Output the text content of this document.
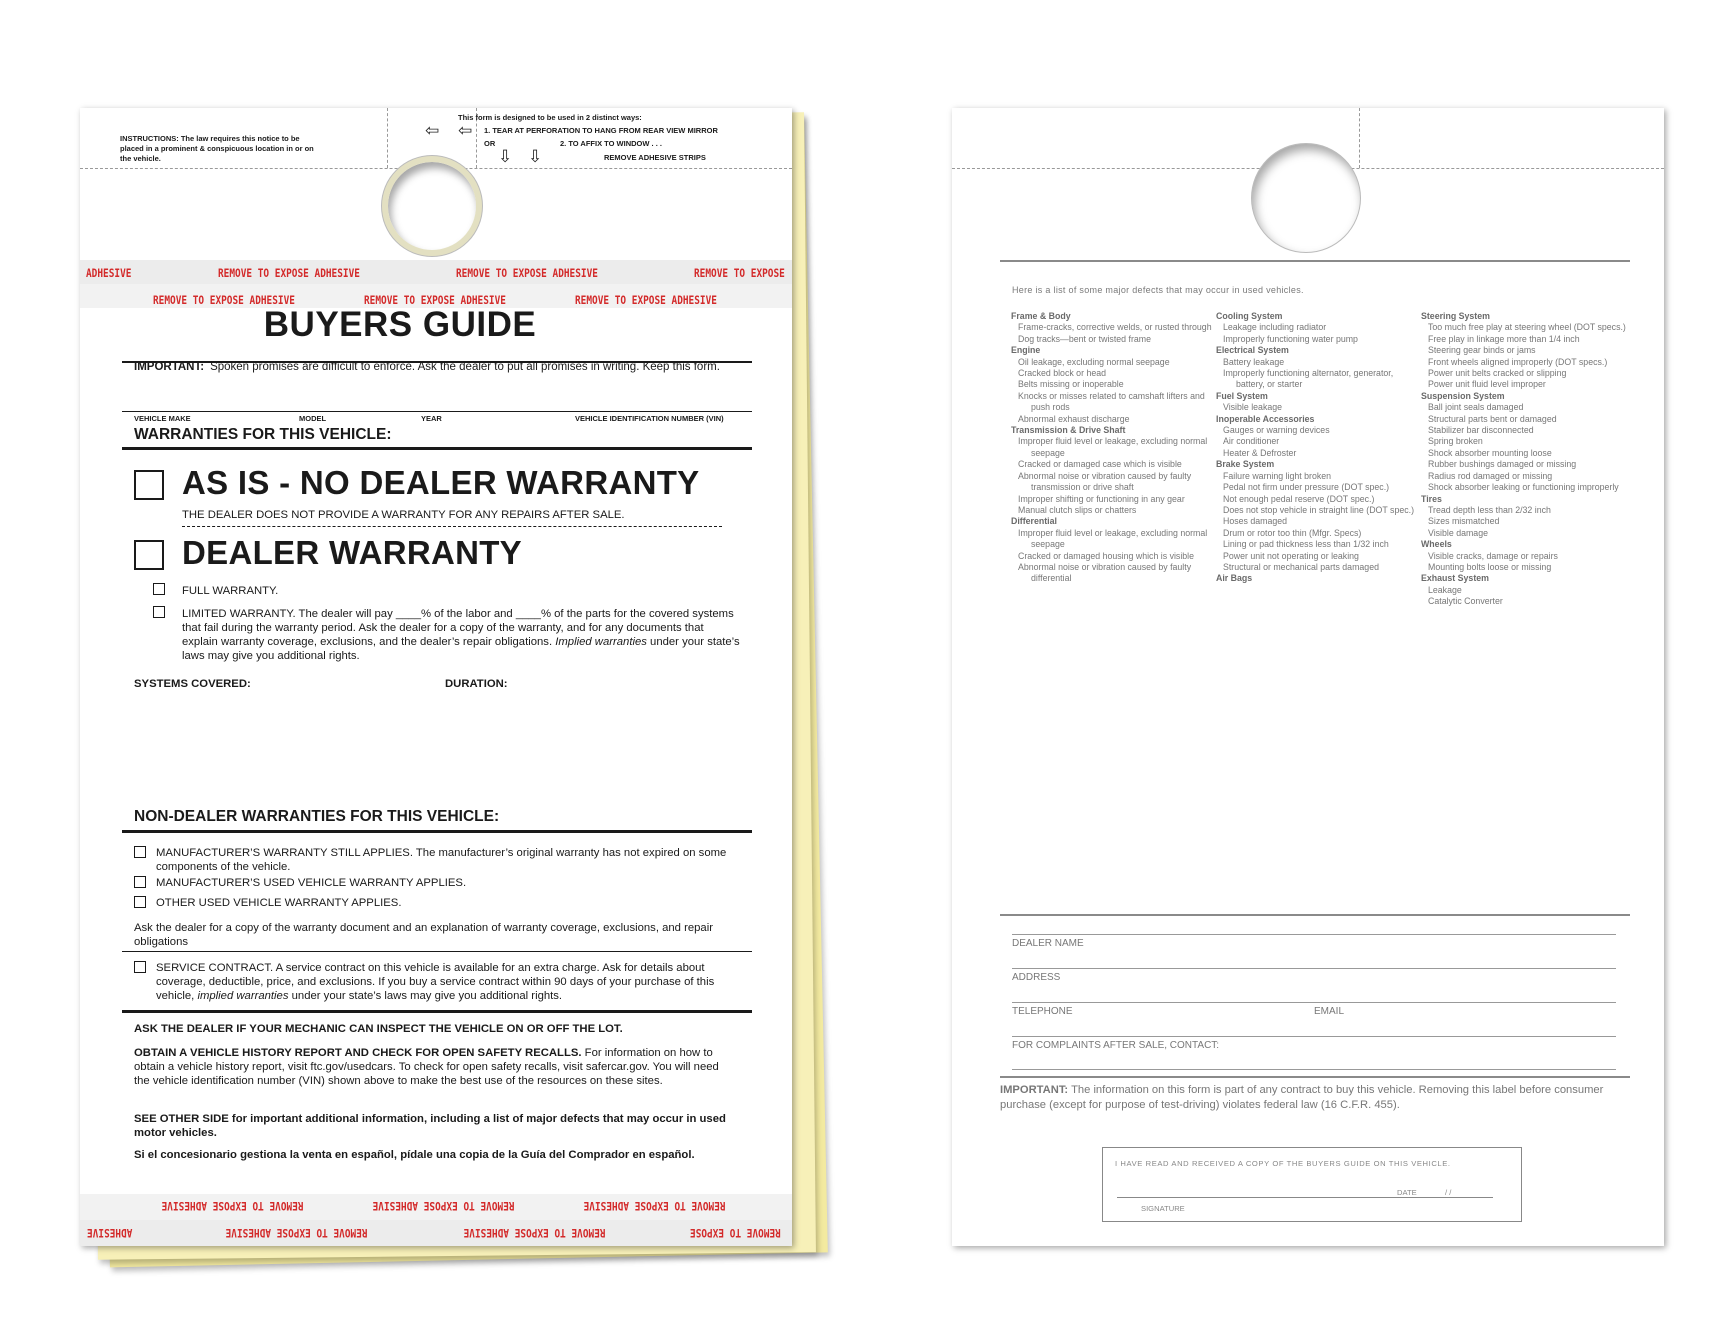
INSTRUCTIONS: The law requires this notice to be placed in a prominent & conspicuous location in or on the vehicle.
This form is designed to be used in 2 distinct ways:
1. TEAR AT PERFORATION TO HANG FROM REAR VIEW MIRROR
OR	2. TO AFFIX TO WINDOW . . .
REMOVE ADHESIVE STRIPS
⇦ ⇦
⇩ ⇩
ADHESIVE	REMOVE TO EXPOSE ADHESIVE	REMOVE TO EXPOSE ADHESIVE	REMOVE TO EXPOSE
REMOVE TO EXPOSE ADHESIVE	REMOVE TO EXPOSE ADHESIVE	REMOVE TO EXPOSE ADHESIVE
BUYERS GUIDE
IMPORTANT: Spoken promises are difficult to enforce. Ask the dealer to put all promises in writing. Keep this form.
VEHICLE MAKE	MODEL	YEAR	VEHICLE IDENTIFICATION NUMBER (VIN)
WARRANTIES FOR THIS VEHICLE:
AS IS - NO DEALER WARRANTY
THE DEALER DOES NOT PROVIDE A WARRANTY FOR ANY REPAIRS AFTER SALE.
DEALER WARRANTY
FULL WARRANTY.
LIMITED WARRANTY. The dealer will pay ____% of the labor and ____% of the parts for the covered systems that fail during the warranty period. Ask the dealer for a copy of the warranty, and for any documents that explain warranty coverage, exclusions, and the dealer’s repair obligations. Implied warranties under your state’s laws may give you additional rights.
SYSTEMS COVERED:	DURATION:
NON-DEALER WARRANTIES FOR THIS VEHICLE:
MANUFACTURER’S WARRANTY STILL APPLIES. The manufacturer’s original warranty has not expired on some components of the vehicle.
MANUFACTURER’S USED VEHICLE WARRANTY APPLIES.
OTHER USED VEHICLE WARRANTY APPLIES.
Ask the dealer for a copy of the warranty document and an explanation of warranty coverage, exclusions, and repair obligations
SERVICE CONTRACT. A service contract on this vehicle is available for an extra charge. Ask for details about coverage, deductible, price, and exclusions. If you buy a service contract within 90 days of your purchase of this vehicle, implied warranties under your state’s laws may give you additional rights.
ASK THE DEALER IF YOUR MECHANIC CAN INSPECT THE VEHICLE ON OR OFF THE LOT.
OBTAIN A VEHICLE HISTORY REPORT AND CHECK FOR OPEN SAFETY RECALLS. For information on how to obtain a vehicle history report, visit ftc.gov/usedcars. To check for open safety recalls, visit safercar.gov. You will need the vehicle identification number (VIN) shown above to make the best use of the resources on these sites.
SEE OTHER SIDE for important additional information, including a list of major defects that may occur in used motor vehicles.
Si el concesionario gestiona la venta en español, pídale una copia de la Guía del Comprador en español.
REMOVE TO EXPOSE ADHESIVE	REMOVE TO EXPOSE ADHESIVE	REMOVE TO EXPOSE ADHESIVE
ADHESIVE	REMOVE TO EXPOSE ADHESIVE	REMOVE TO EXPOSE ADHESIVE	REMOVE TO EXPOSE
Here is a list of some major defects that may occur in used vehicles.
Frame & Body
Frame-cracks, corrective welds, or rusted through
Dog tracks—bent or twisted frame
Engine
Oil leakage, excluding normal seepage
Cracked block or head
Belts missing or inoperable
Knocks or misses related to camshaft lifters and push rods
Abnormal exhaust discharge
Transmission & Drive Shaft
Improper fluid level or leakage, excluding normal seepage
Cracked or damaged case which is visible
Abnormal noise or vibration caused by faulty transmission or drive shaft
Improper shifting or functioning in any gear
Manual clutch slips or chatters
Differential
Improper fluid level or leakage, excluding normal seepage
Cracked or damaged housing which is visible
Abnormal noise or vibration caused by faulty differential
Cooling System
Leakage including radiator
Improperly functioning water pump
Electrical System
Battery leakage
Improperly functioning alternator, generator, battery, or starter
Fuel System
Visible leakage
Inoperable Accessories
Gauges or warning devices
Air conditioner
Heater & Defroster
Brake System
Failure warning light broken
Pedal not firm under pressure (DOT spec.)
Not enough pedal reserve (DOT spec.)
Does not stop vehicle in straight line (DOT spec.)
Hoses damaged
Drum or rotor too thin (Mfgr. Specs)
Lining or pad thickness less than 1/32 inch
Power unit not operating or leaking
Structural or mechanical parts damaged
Air Bags
Steering System
Too much free play at steering wheel (DOT specs.)
Free play in linkage more than 1/4 inch
Steering gear binds or jams
Front wheels aligned improperly (DOT specs.)
Power unit belts cracked or slipping
Power unit fluid level improper
Suspension System
Ball joint seals damaged
Structural parts bent or damaged
Stabilizer bar disconnected
Spring broken
Shock absorber mounting loose
Rubber bushings damaged or missing
Radius rod damaged or missing
Shock absorber leaking or functioning improperly
Tires
Tread depth less than 2/32 inch
Sizes mismatched
Visible damage
Wheels
Visible cracks, damage or repairs
Mounting bolts loose or missing
Exhaust System
Leakage
Catalytic Converter
DEALER NAME
ADDRESS
TELEPHONE	EMAIL
FOR COMPLAINTS AFTER SALE, CONTACT:
IMPORTANT: The information on this form is part of any contract to buy this vehicle. Removing this label before consumer purchase (except for purpose of test-driving) violates federal law (16 C.F.R. 455).
I HAVE READ AND RECEIVED A COPY OF THE BUYERS GUIDE ON THIS VEHICLE.
DATE	/ /
SIGNATURE
